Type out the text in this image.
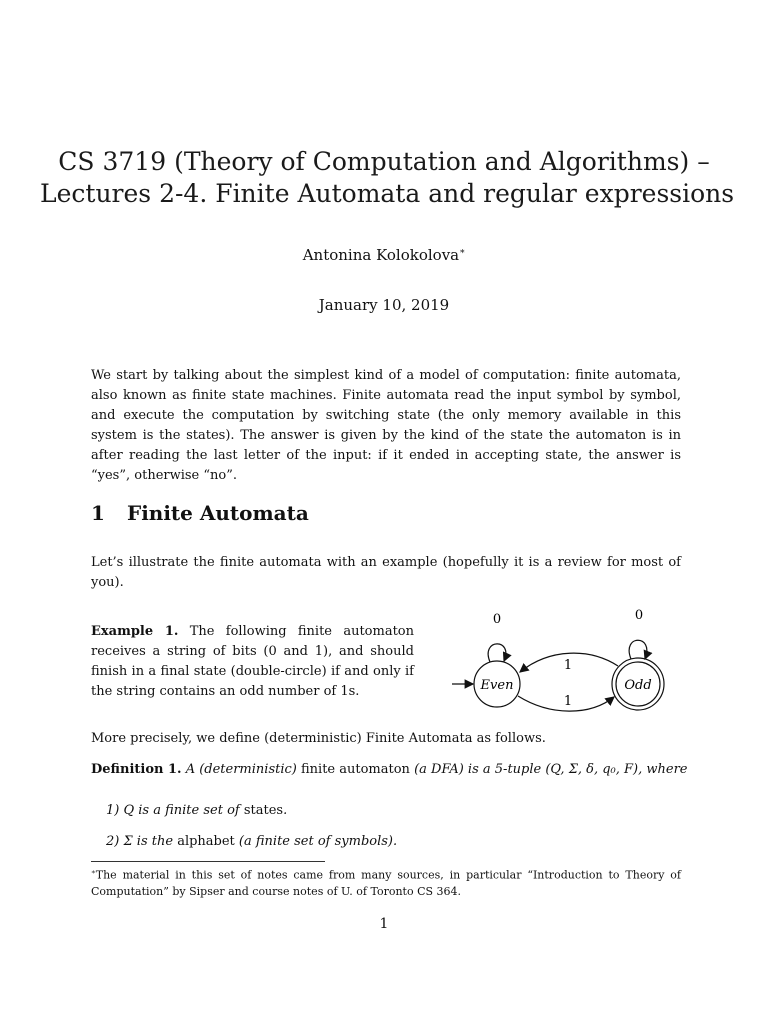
CS 3719 (Theory of Computation and Algorithms) –
Lectures 2-4. Finite Automata and regular expressions
Antonina Kolokolova∗
January 10, 2019
We start by talking about the simplest kind of a model of computation: finite automata, also known as finite state machines. Finite automata read the input symbol by symbol, and execute the computation by switching state (the only memory available in this system is the states). The answer is given by the kind of the state the automaton is in after reading the last letter of the input: if it ended in accepting state, the answer is “yes”, otherwise “no”.
1 Finite Automata
Let’s illustrate the finite automata with an example (hopefully it is a review for most of you).
Example 1. The following finite automaton receives a string of bits (0 and 1), and should finish in a final state (double-circle) if and only if the string contains an odd number of 1s.	Even	Odd
0	0
1
1
More precisely, we define (deterministic) Finite Automata as follows.
Definition 1. A (deterministic) finite automaton (a DFA) is a 5-tuple (Q, Σ, δ, q₀, F), where
1) Q is a finite set of states.
2) Σ is the alphabet (a finite set of symbols).
∗The material in this set of notes came from many sources, in particular “Introduction to Theory of Computation” by Sipser and course notes of U. of Toronto CS 364.
1
